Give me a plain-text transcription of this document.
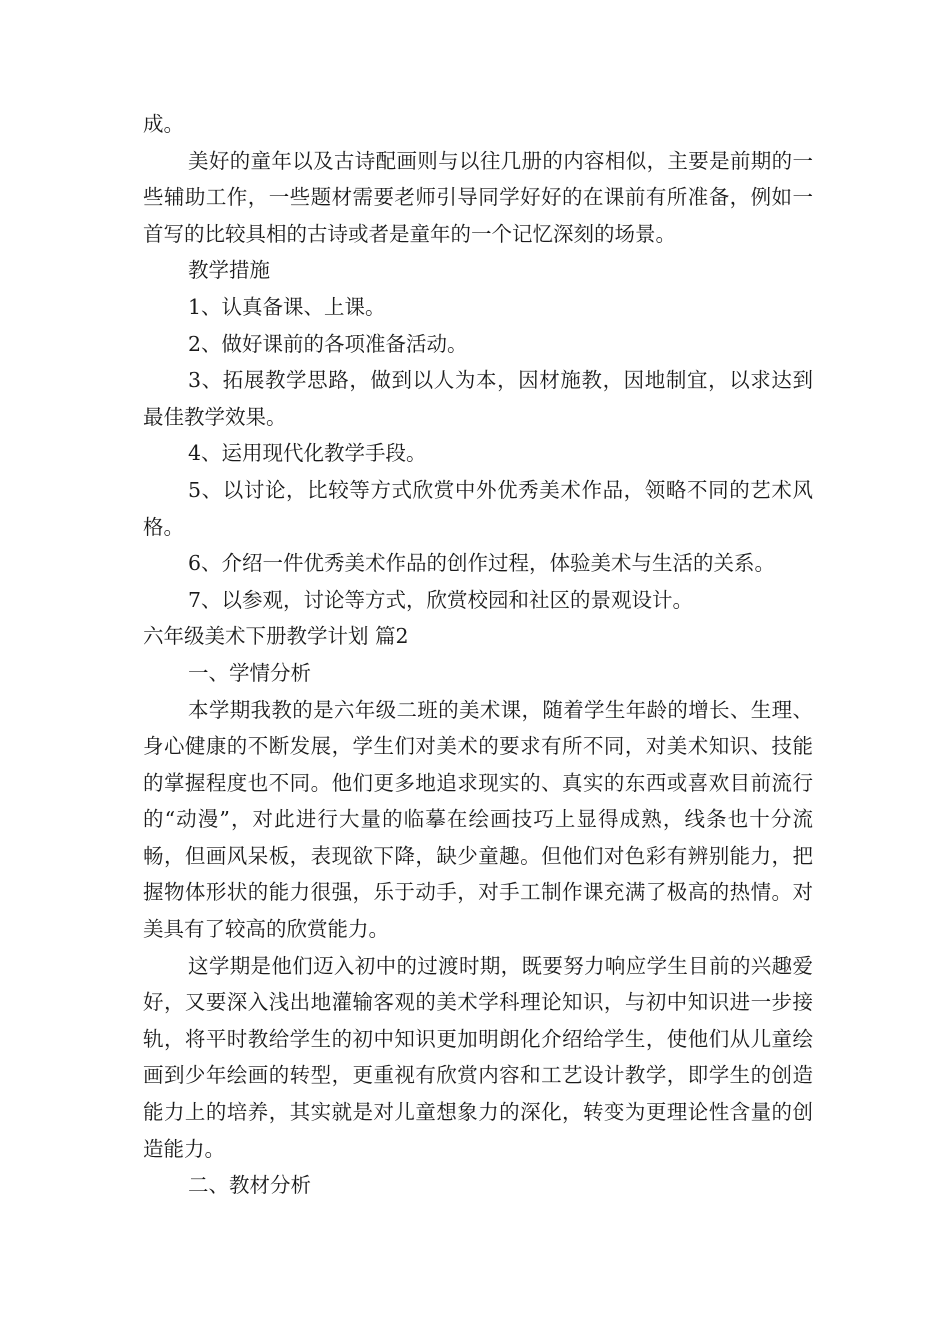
成。

美好的童年以及古诗配画则与以往几册的内容相似，主要是前期的一些辅助工作，一些题材需要老师引导同学好好的在课前有所准备，例如一首写的比较具相的古诗或者是童年的一个记忆深刻的场景。

教学措施

1、认真备课、上课。

2、做好课前的各项准备活动。

3、拓展教学思路，做到以人为本，因材施教，因地制宜，以求达到最佳教学效果。

4、运用现代化教学手段。

5、以讨论，比较等方式欣赏中外优秀美术作品，领略不同的艺术风格。

6、介绍一件优秀美术作品的创作过程，体验美术与生活的关系。

7、以参观，讨论等方式，欣赏校园和社区的景观设计。

六年级美术下册教学计划 篇2

一、学情分析

本学期我教的是六年级二班的美术课，随着学生年龄的增长、生理、身心健康的不断发展，学生们对美术的要求有所不同，对美术知识、技能的掌握程度也不同。他们更多地追求现实的、真实的东西或喜欢目前流行的“动漫”，对此进行大量的临摹在绘画技巧上显得成熟，线条也十分流畅，但画风呆板，表现欲下降，缺少童趣。但他们对色彩有辨别能力，把握物体形状的能力很强，乐于动手，对手工制作课充满了极高的热情。对美具有了较高的欣赏能力。

这学期是他们迈入初中的过渡时期，既要努力响应学生目前的兴趣爱好，又要深入浅出地灌输客观的美术学科理论知识，与初中知识进一步接轨，将平时教给学生的初中知识更加明朗化介绍给学生，使他们从儿童绘画到少年绘画的转型，更重视有欣赏内容和工艺设计教学，即学生的创造能力上的培养，其实就是对儿童想象力的深化，转变为更理论性含量的创造能力。

二、教材分析
